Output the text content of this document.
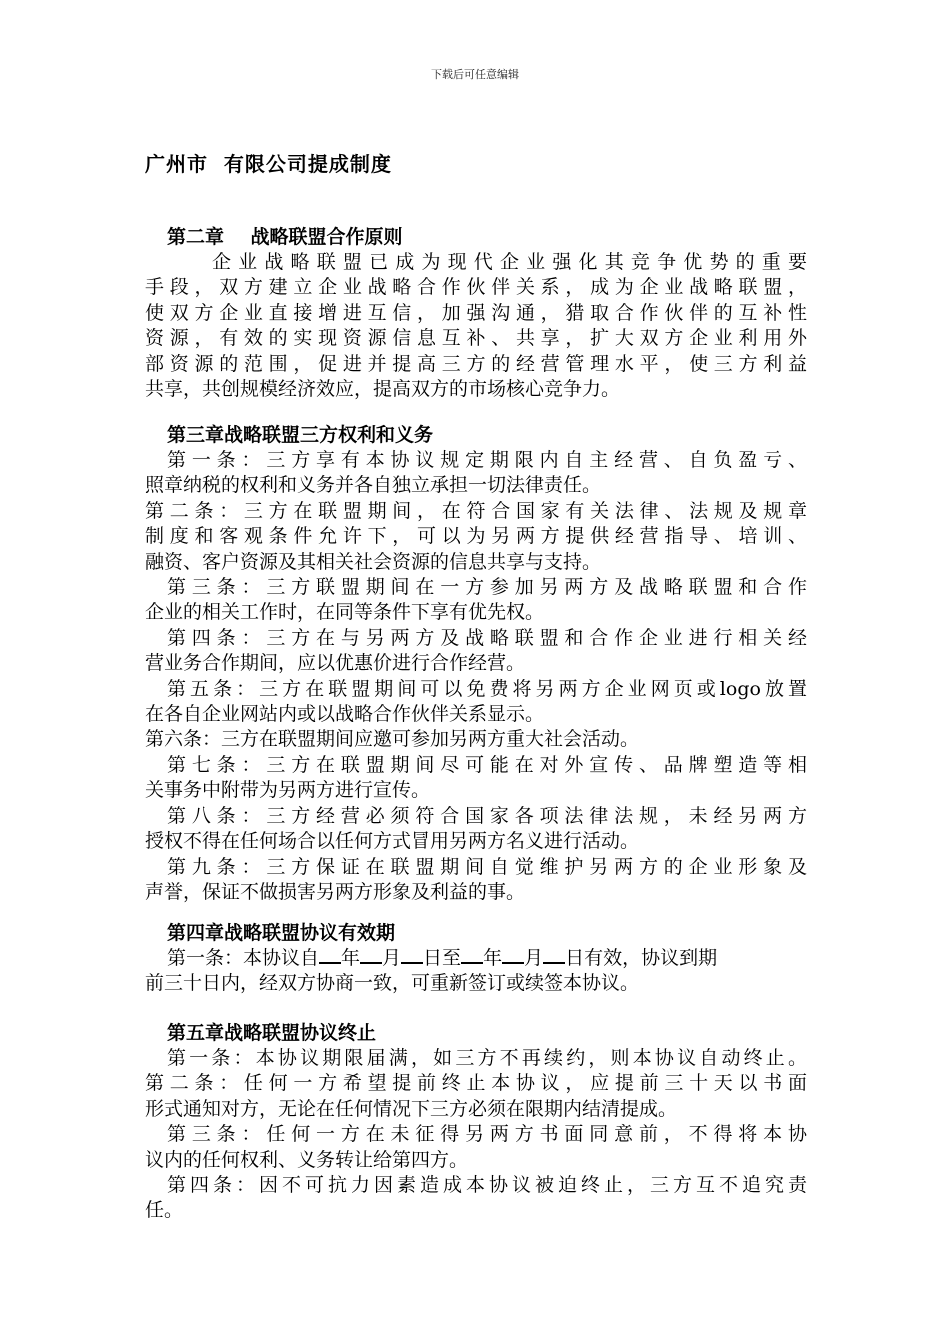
下载后可任意编辑
广州市  有限公司提成制度

第二章    战略联盟合作原则

企业战略联盟已成为现代企业强化其竞争优势的重要

手段，双方建立企业战略合作伙伴关系，成为企业战略联盟，

使双方企业直接增进互信，加强沟通，猎取合作伙伴的互补性

资源，有效的实现资源信息互补、共享，扩大双方企业利用外

部资源的范围，促进并提高三方的经营管理水平，使三方利益

共享，共创规模经济效应，提高双方的市场核心竞争力。

第三章战略联盟三方权利和义务

第一条：三方享有本协议规定期限内自主经营、自负盈亏、

照章纳税的权利和义务并各自独立承担一切法律责任。

第二条：三方在联盟期间，在符合国家有关法律、法规及规章

制度和客观条件允许下，可以为另两方提供经营指导、培训、

融资、客户资源及其相关社会资源的信息共享与支持。

第三条：三方联盟期间在一方参加另两方及战略联盟和合作

企业的相关工作时，在同等条件下享有优先权。

第四条：三方在与另两方及战略联盟和合作企业进行相关经

营业务合作期间，应以优惠价进行合作经营。

第五条：三方在联盟期间可以免费将另两方企业网页或logo放置

在各自企业网站内或以战略合作伙伴关系显示。

第六条：三方在联盟期间应邀可参加另两方重大社会活动。

第七条：三方在联盟期间尽可能在对外宣传、品牌塑造等相

关事务中附带为另两方进行宣传。

第八条：三方经营必须符合国家各项法律法规，未经另两方

授权不得在任何场合以任何方式冒用另两方名义进行活动。

第九条：三方保证在联盟期间自觉维护另两方的企业形象及

声誉，保证不做损害另两方形象及利益的事。

第四章战略联盟协议有效期

第一条：本协议自 年 月 日至 年 月 日有效，协议到期

前三十日内，经双方协商一致，可重新签订或续签本协议。

第五章战略联盟协议终止

第一条：本协议期限届满，如三方不再续约，则本协议自动终止。

第二条：任何一方希望提前终止本协议，应提前三十天以书面

形式通知对方，无论在任何情况下三方必须在限期内结清提成。

第三条：任何一方在未征得另两方书面同意前，不得将本协

议内的任何权利、义务转让给第四方。

第四条：因不可抗力因素造成本协议被迫终止，三方互不追究责

任。
